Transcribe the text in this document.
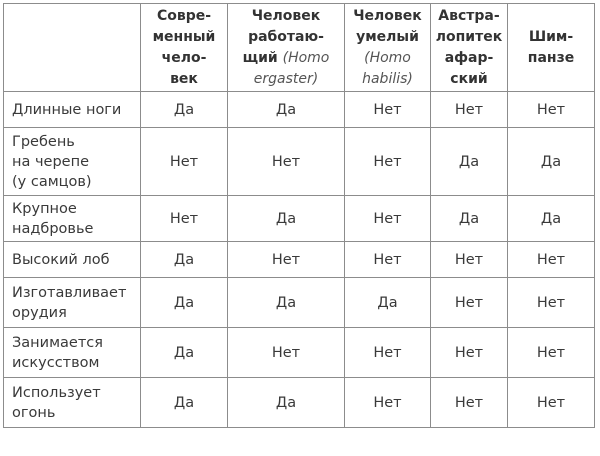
	Совре-
менный
чело-
век	Человек
работаю-
щий (Homo
ergaster)	Человек
умелый
(Homo
habilis)	Австра-
лопитек
афар-
ский	Шим-
панзе

Длинные ноги	Да	Да	Нет	Нет	Нет

Гребень
на черепе
(у самцов)	Нет	Нет	Нет	Да	Да

Крупное
надбровье	Нет	Да	Нет	Да	Да

Высокий лоб	Да	Нет	Нет	Нет	Нет

Изготавливает
орудия	Да	Да	Да	Нет	Нет

Занимается
искусством	Да	Нет	Нет	Нет	Нет

Использует
огонь	Да	Да	Нет	Нет	Нет
